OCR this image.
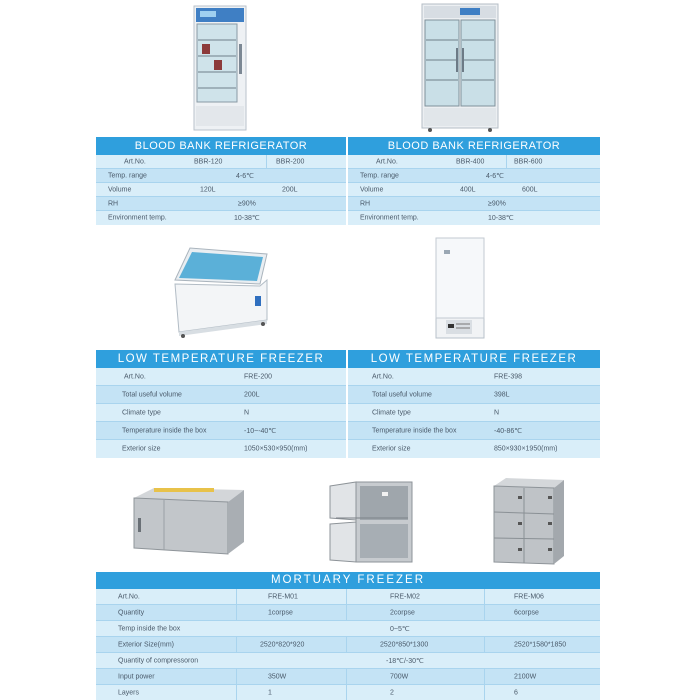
BLOOD BANK REFRIGERATOR
Art.No.	BBR-120	BBR-200
Temp. range	4-6℃
Volume	120L	200L
RH	≥90%
Environment temp.	10-38℃
BLOOD BANK REFRIGERATOR
Art.No.	BBR-400	BBR-600
Temp. range	4-6℃
Volume	400L	600L
RH	≥90%
Environment temp.	10-38℃
LOW TEMPERATURE FREEZER
Art.No.	FRE-200
Total useful volume	200L
Climate type	N
Temperature inside the box	-10~-40℃
Exterior size	1050×530×950(mm)
LOW TEMPERATURE FREEZER
Art.No.	FRE-398
Total useful volume	398L
Climate type	N
Temperature inside the box	-40-86℃
Exterior size	850×930×1950(mm)
MORTUARY FREEZER
Art.No.	FRE-M01	FRE-M02	FRE-M06
Quantity	1corpse	2corpse	6corpse
Temp inside the box	0~5℃
Exterior Size(mm)	2520*820*920	2520*850*1300	2520*1580*1850
Quantity of compressoron	-18℃/-30℃
Input power	350W	700W	2100W
Layers	1	2	6
